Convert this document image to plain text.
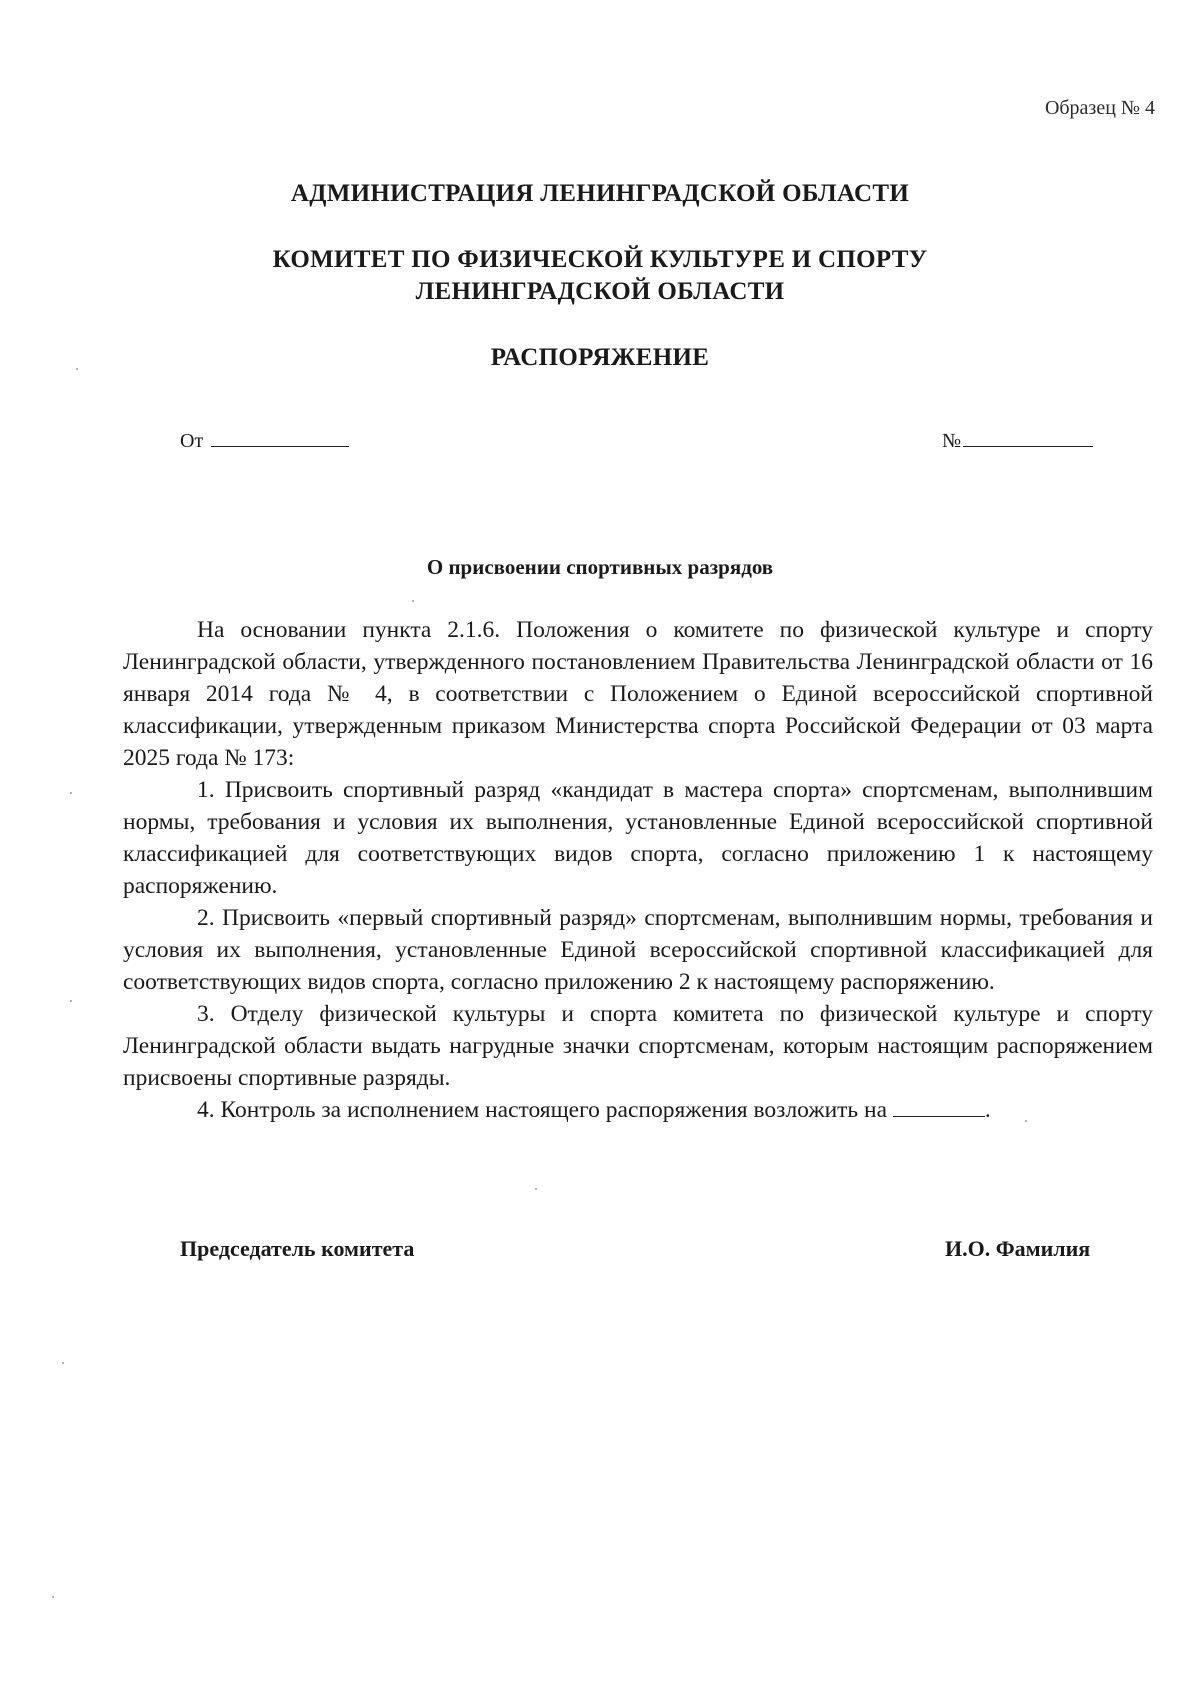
Образец № 4
АДМИНИСТРАЦИЯ ЛЕНИНГРАДСКОЙ ОБЛАСТИ
КОМИТЕТ ПО ФИЗИЧЕСКОЙ КУЛЬТУРЕ И СПОРТУ
ЛЕНИНГРАДСКОЙ ОБЛАСТИ
РАСПОРЯЖЕНИЕ
От	№
О присвоении спортивных разрядов

На основании пункта 2.1.6. Положения о комитете по физической культуре и спорту Ленинградской области, утвержденного постановлением Правительства Ленинградской области от 16 января 2014 года № 4, в соответствии с Положением о Единой всероссийской спортивной классификации, утвержденным приказом Министерства спорта Российской Федерации от 03 марта 2025 года № 173:

1. Присвоить спортивный разряд «кандидат в мастера спорта» спортсменам, выполнившим нормы, требования и условия их выполнения, установленные Единой всероссийской спортивной классификацией для соответствующих видов спорта, согласно приложению 1 к настоящему распоряжению.

2. Присвоить «первый спортивный разряд» спортсменам, выполнившим нормы, требования и условия их выполнения, установленные Единой всероссийской спортивной классификацией для соответствующих видов спорта, согласно приложению 2 к настоящему распоряжению.

3. Отделу физической культуры и спорта комитета по физической культуре и спорту Ленинградской области выдать нагрудные значки спортсменам, которым настоящим распоряжением присвоены спортивные разряды.

4. Контроль за исполнением настоящего распоряжения возложить на	.

Председатель комитета	И.О. Фамилия
